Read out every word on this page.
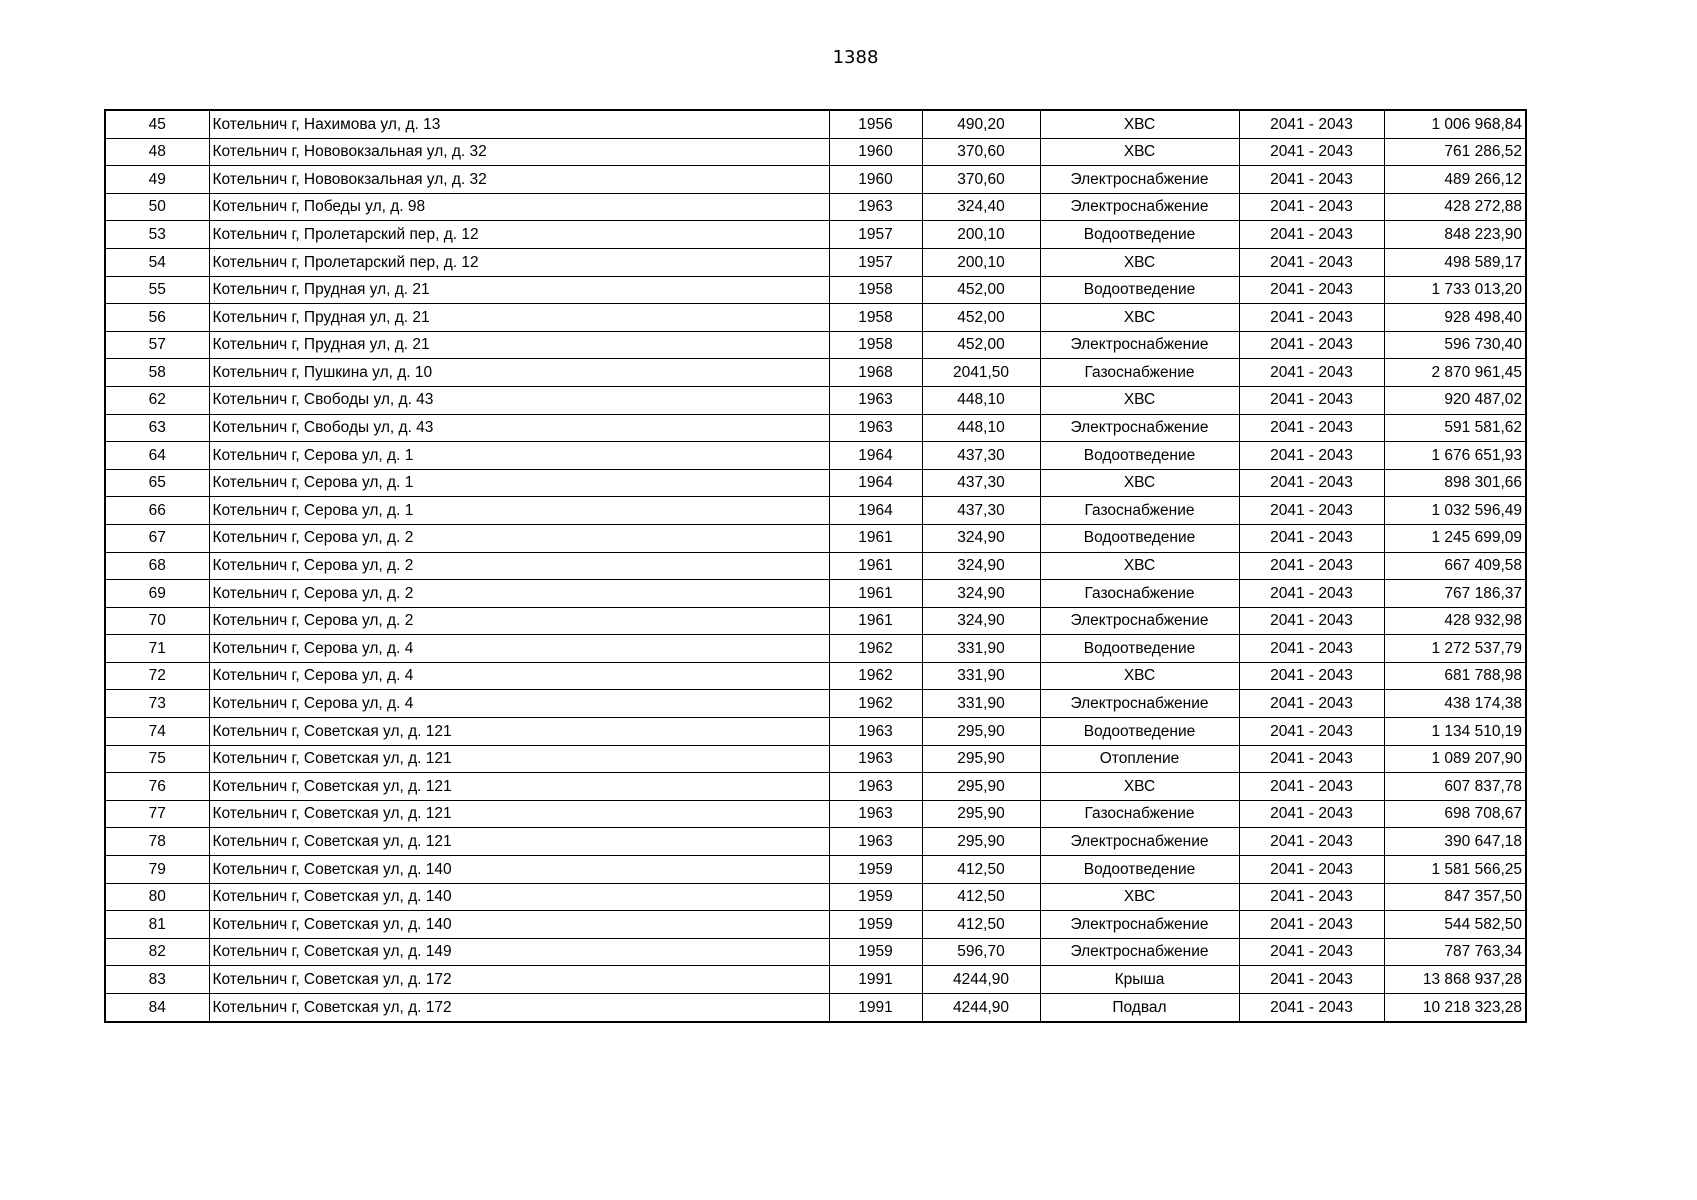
1388
45	Котельнич г, Нахимова ул, д. 13	1956	490,20	ХВС	2041 - 2043	1 006 968,84
48	Котельнич г, Нововокзальная ул, д. 32	1960	370,60	ХВС	2041 - 2043	761 286,52
49	Котельнич г, Нововокзальная ул, д. 32	1960	370,60	Электроснабжение	2041 - 2043	489 266,12
50	Котельнич г, Победы ул, д. 98	1963	324,40	Электроснабжение	2041 - 2043	428 272,88
53	Котельнич г, Пролетарский пер, д. 12	1957	200,10	Водоотведение	2041 - 2043	848 223,90
54	Котельнич г, Пролетарский пер, д. 12	1957	200,10	ХВС	2041 - 2043	498 589,17
55	Котельнич г, Прудная ул, д. 21	1958	452,00	Водоотведение	2041 - 2043	1 733 013,20
56	Котельнич г, Прудная ул, д. 21	1958	452,00	ХВС	2041 - 2043	928 498,40
57	Котельнич г, Прудная ул, д. 21	1958	452,00	Электроснабжение	2041 - 2043	596 730,40
58	Котельнич г, Пушкина ул, д. 10	1968	2041,50	Газоснабжение	2041 - 2043	2 870 961,45
62	Котельнич г, Свободы ул, д. 43	1963	448,10	ХВС	2041 - 2043	920 487,02
63	Котельнич г, Свободы ул, д. 43	1963	448,10	Электроснабжение	2041 - 2043	591 581,62
64	Котельнич г, Серова ул, д. 1	1964	437,30	Водоотведение	2041 - 2043	1 676 651,93
65	Котельнич г, Серова ул, д. 1	1964	437,30	ХВС	2041 - 2043	898 301,66
66	Котельнич г, Серова ул, д. 1	1964	437,30	Газоснабжение	2041 - 2043	1 032 596,49
67	Котельнич г, Серова ул, д. 2	1961	324,90	Водоотведение	2041 - 2043	1 245 699,09
68	Котельнич г, Серова ул, д. 2	1961	324,90	ХВС	2041 - 2043	667 409,58
69	Котельнич г, Серова ул, д. 2	1961	324,90	Газоснабжение	2041 - 2043	767 186,37
70	Котельнич г, Серова ул, д. 2	1961	324,90	Электроснабжение	2041 - 2043	428 932,98
71	Котельнич г, Серова ул, д. 4	1962	331,90	Водоотведение	2041 - 2043	1 272 537,79
72	Котельнич г, Серова ул, д. 4	1962	331,90	ХВС	2041 - 2043	681 788,98
73	Котельнич г, Серова ул, д. 4	1962	331,90	Электроснабжение	2041 - 2043	438 174,38
74	Котельнич г, Советская ул, д. 121	1963	295,90	Водоотведение	2041 - 2043	1 134 510,19
75	Котельнич г, Советская ул, д. 121	1963	295,90	Отопление	2041 - 2043	1 089 207,90
76	Котельнич г, Советская ул, д. 121	1963	295,90	ХВС	2041 - 2043	607 837,78
77	Котельнич г, Советская ул, д. 121	1963	295,90	Газоснабжение	2041 - 2043	698 708,67
78	Котельнич г, Советская ул, д. 121	1963	295,90	Электроснабжение	2041 - 2043	390 647,18
79	Котельнич г, Советская ул, д. 140	1959	412,50	Водоотведение	2041 - 2043	1 581 566,25
80	Котельнич г, Советская ул, д. 140	1959	412,50	ХВС	2041 - 2043	847 357,50
81	Котельнич г, Советская ул, д. 140	1959	412,50	Электроснабжение	2041 - 2043	544 582,50
82	Котельнич г, Советская ул, д. 149	1959	596,70	Электроснабжение	2041 - 2043	787 763,34
83	Котельнич г, Советская ул, д. 172	1991	4244,90	Крыша	2041 - 2043	13 868 937,28
84	Котельнич г, Советская ул, д. 172	1991	4244,90	Подвал	2041 - 2043	10 218 323,28
